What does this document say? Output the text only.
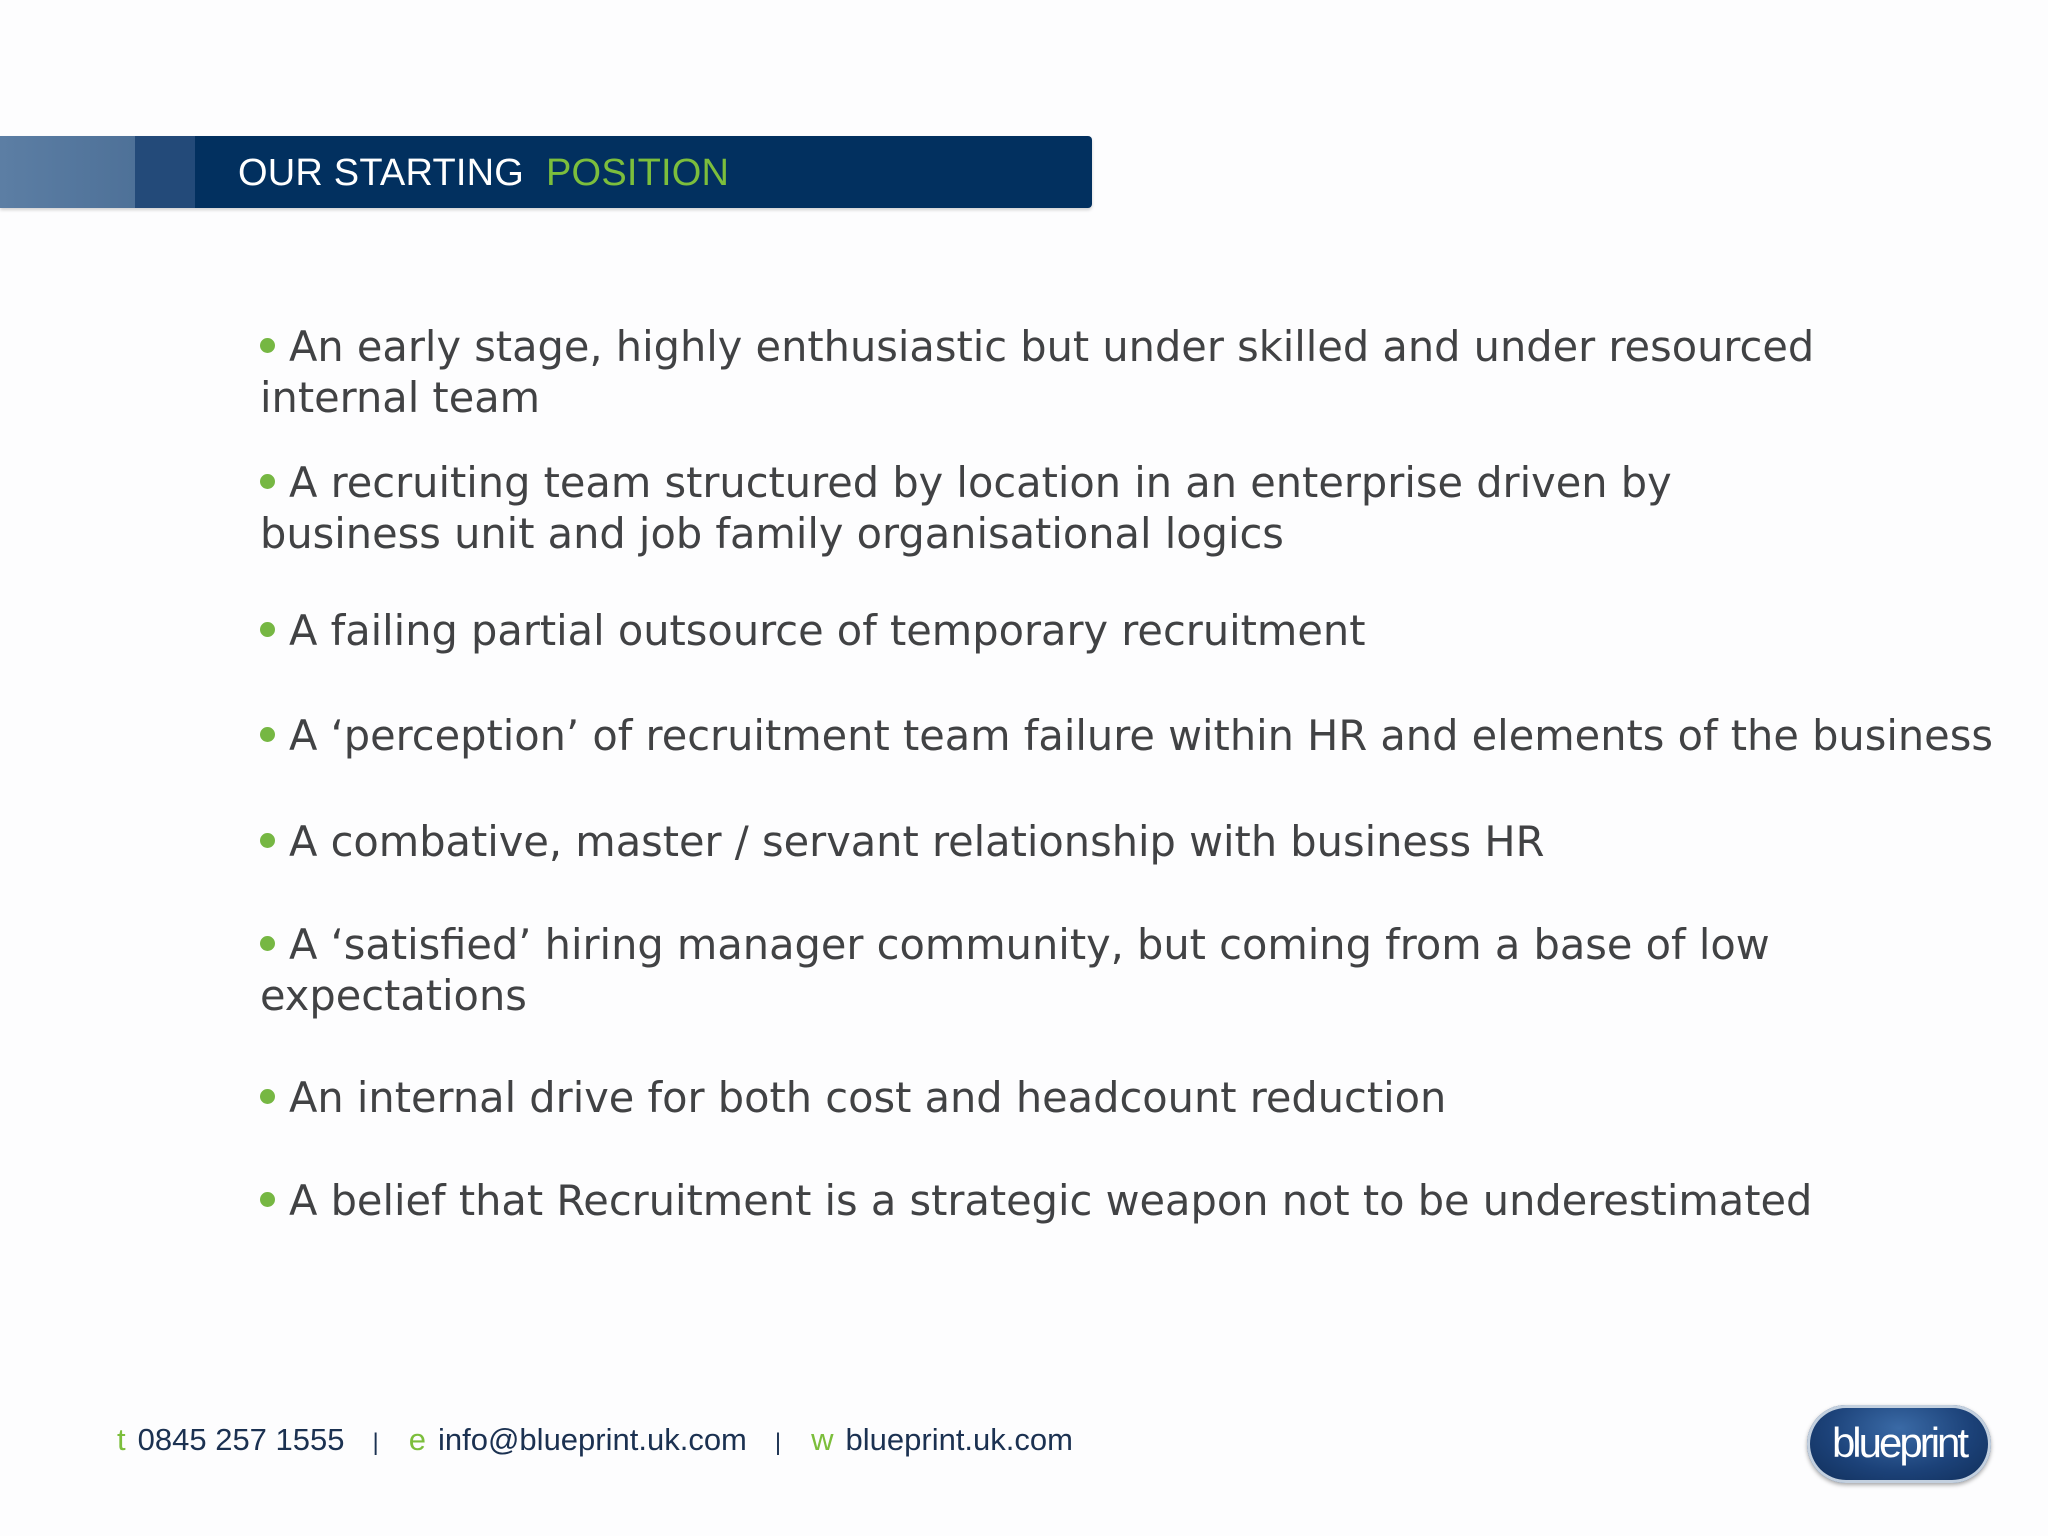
OUR STARTING POSITION
An early stage, highly enthusiastic but under skilled and under resourced
internal team
A recruiting team structured by location in an enterprise driven by
business unit and job family organisational logics
A failing partial outsource of temporary recruitment
A ‘perception’ of recruitment team failure within HR and elements of the business
A combative, master / servant relationship with business HR
A ‘satisfied’ hiring manager community, but coming from a base of low
expectations
An internal drive for both cost and headcount reduction
A belief that Recruitment is a strategic weapon not to be underestimated
t 0845 257 1555 | e info@blueprint.uk.com | w blueprint.uk.com	blueprint
